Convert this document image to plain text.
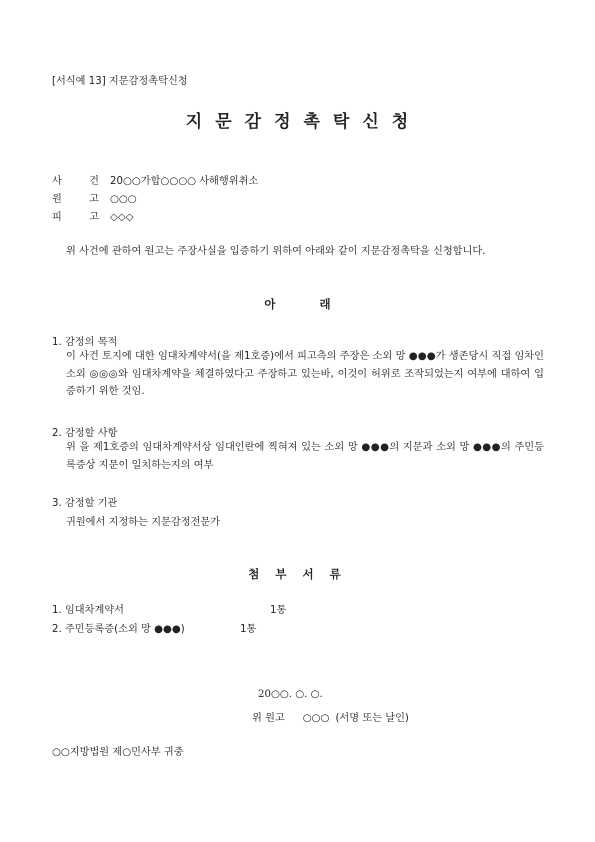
[서식예 13] 지문감정촉탁신청
지문감정촉탁신청
사 건20○○가합○○○○ 사해행위취소
원 고○○○
피 고◇◇◇
위 사건에 관하여 원고는 주장사실을 입증하기 위하여 아래와 같이 지문감정촉탁을 신청합니다.
아 래
1. 감정의 목적
이 사건 토지에 대한 임대차계약서(을 제1호증)에서 피고측의 주장은 소외 망 ●●●가 생존당시 직접 임차인 소외 ◎◎◎와 임대차계약을 체결하였다고 주장하고 있는바, 이것이 허위로 조작되었는지 여부에 대하여 입증하기 위한 것임.
2. 감정할 사항
위 을 제1호증의 임대차계약서상 임대인란에 찍혀져 있는 소외 망 ●●●의 지문과 소외 망 ●●●의 주민등록증상 지문이 일치하는지의 여부
3. 감정할 기관
귀원에서 지정하는 지문감정전문가
첨 부 서 류
1. 임대차계약서	1통
2. 주민등록증(소외 망 ●●●)	1통
20○○. ○. ○.
위 원고 ○○○ (서명 또는 날인)
○○지방법원 제○민사부 귀중
